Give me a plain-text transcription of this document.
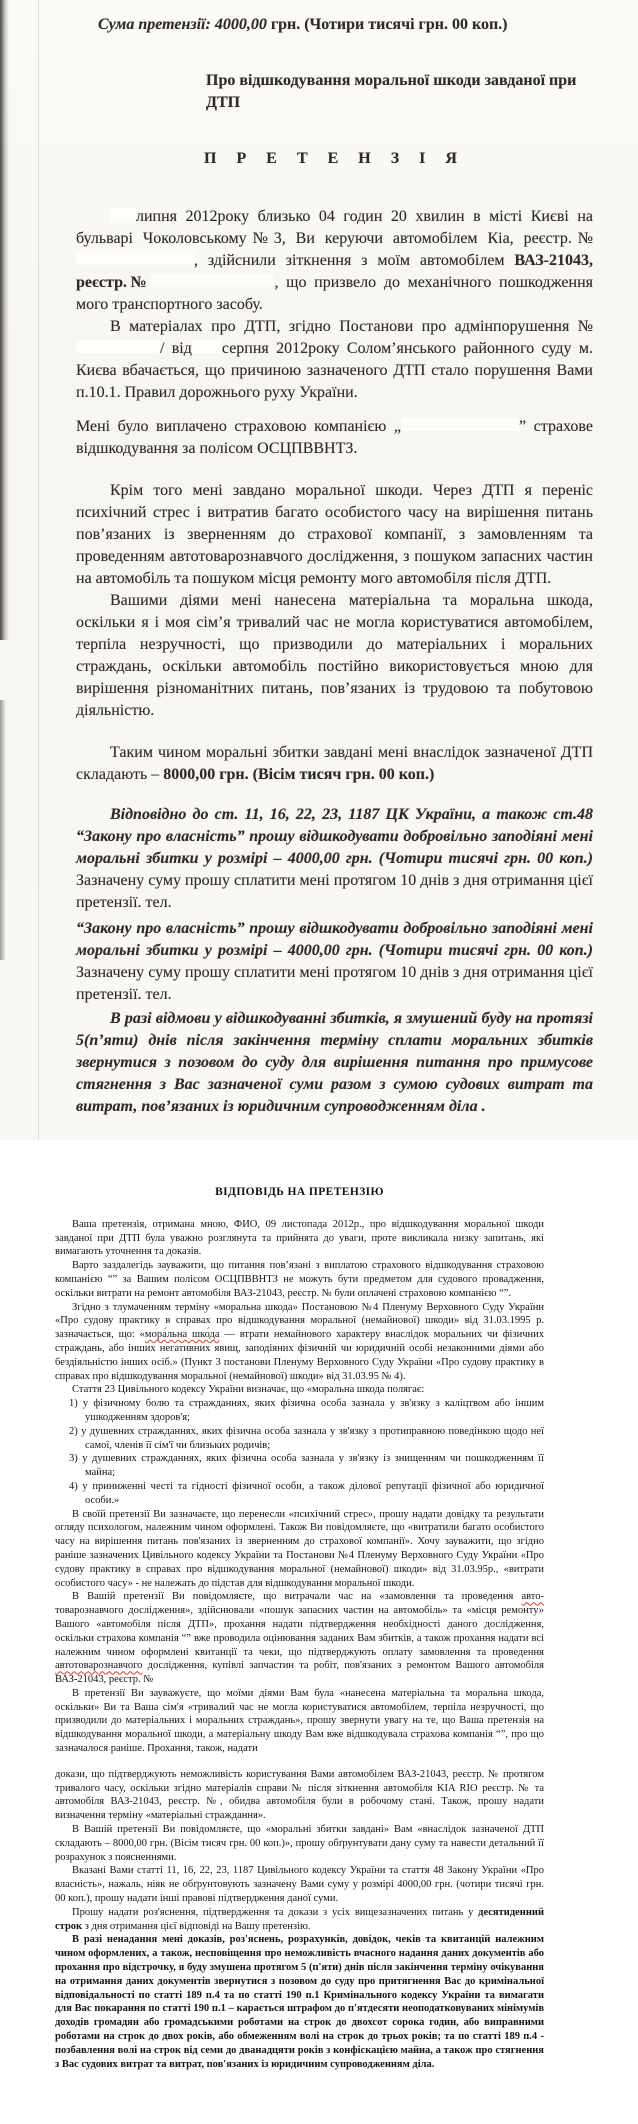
Сума претензії: 4000,00 грн. (Чотири тисячі грн. 00 коп.)

Про відшкодування моральної шкоди завданої при ДТП

П Р Е Т Е Н З І Я

липня 2012року близько 04 годин 20 хвилин в місті Києві на бульварі Чоколовському№3, Ви керуючи автомобілем Кіа, реєстр.№, здійснили зіткнення з моїм автомобілем ВАЗ-21043, реєстр.№	, що призвело до механічного пошкодження мого транспортного засобу.

В матеріалах про ДТП, згідно Постанови про адмінпорушення №/ від серпня 2012року Солом’янського районного суду м. Києва вбачається, що причиною зазначеного ДТП стало порушення Вами п.10.1. Правил дорожнього руху України.

Мені було виплачено страховою компанією „	” страхове відшкодування за полісом ОСЦПВВНТЗ.

Крім того мені завдано моральної шкоди. Через ДТП я переніс психічний стрес і витратив багато особистого часу на вирішення питань пов’язаних із зверненням до страхової компанії, з замовленням та проведенням автотоварознавчого дослідження, з пошуком запасних частин на автомобіль та пошуком місця ремонту мого автомобіля після ДТП.

Вашими діями мені нанесена матеріальна та моральна шкода, оскільки я і моя сім’я тривалий час не могла користуватися автомобілем, терпіла незручності, що призводили до матеріальних і моральних страждань, оскільки автомобіль постійно використовується мною для вирішення різноманітних питань, пов’язаних із трудовою та побутовою діяльністю.

Таким чином моральні збитки завдані мені внаслідок зазначеної ДТП складають – 8000,00 грн. (Вісім тисяч грн. 00 коп.)

Відповідно до ст. 11, 16, 22, 23, 1187 ЦК України, а також ст.48 “Закону про власність” прошу відшкодувати добровільно заподіяні мені моральні збитки у розмірі – 4000,00 грн. (Чотири тисячі грн. 00 коп.) Зазначену суму прошу сплатити мені протягом 10 днів з дня отримання цієї претензії. тел.

“Закону про власність” прошу відшкодувати добровільно заподіяні мені моральні збитки у розмірі – 4000,00 грн. (Чотири тисячі грн. 00 коп.) Зазначену суму прошу сплатити мені протягом 10 днів з дня отримання цієї претензії. тел.

В разі відмови у відшкодуванні збитків, я змушений буду на протязі 5(п’яти) днів після закінчення терміну сплати моральних збитків звернутися з позовом до суду для вирішення питання про примусове стягнення з Вас зазначеної суми разом з сумою судових витрат та витрат, пов’язаних із юридичним супроводженням діла .

ВІДПОВІДЬ НА ПРЕТЕНЗІЮ

Ваша претензія, отримана мною, ФИО, 09 листопада 2012р., про відшкодування моральної шкоди завданої при ДТП була уважно розглянута та прийнята до уваги, проте викликала низку запитань, які вимагають уточнення та доказів.

Варто заздалегідь зауважити, що питання пов’язані з виплатою страхового відшкодування страховою компанією “” за Вашим полісом ОСЦПВВНТЗ не можуть бути предметом для судового провадження, оскільки витрати на ремонт автомобіля ВАЗ-21043, реєстр. № були оплачені страховою компанією “”.

Згідно з тлумаченням терміну «моральна шкода» Постановою №4 Пленуму Верховного Суду України «Про судову практику в справах про відшкодування моральної (немайнової) шкоди» від 31.03.1995 р. зазначається, що: «мора́льна шко́да — втрати немайнового характеру внаслідок моральних чи фізичних страждань, або інших негативних явищ, заподіяних фізичній чи юридичній особі незаконними діями або бездіяльністю інших осіб.» (Пункт 3 постанови Пленуму Верховного Суду України «Про судову практику в справах про відшкодування моральної (немайнової) шкоди» від 31.03.95 № 4).

Стаття 23 Цивільного кодексу України визначає, що «моральна шкода полягає:

1) у фізичному болю та стражданнях, яких фізична особа зазнала у зв'язку з каліцтвом або іншим ушкодженням здоров'я;

2) у душевних стражданнях, яких фізична особа зазнала у зв'язку з протиправною поведінкою щодо неї самої, членів її сім'ї чи близьких родичів;

3) у душевних стражданнях, яких фізична особа зазнала у зв'язку із знищенням чи пошкодженням її майна;

4) у приниженні честі та гідності фізичної особи, а також ділової репутації фізичної або юридичної особи.»

В своїй претензії Ви зазначаєте, що перенесли «психічний стрес», прошу надати довідку та результати огляду психологом, належним чином оформлені. Також Ви повідомляєте, що «витратили багато особистого часу на вирішення питань пов'язаних із зверненням до страхової компанії». Хочу зауважити, що згідно раніше зазначених Цивільного кодексу України та Постанови №4 Пленуму Верховного Суду України «Про судову практику в справах про відшкодування моральної (немайнової) шкоди» від 31.03.95р., «витрати особистого часу» - не належать до підстав для відшкодування моральної шкоди.

В Вашій претензії Ви повідомляєте, що витрачали час на «замовлення та проведення авто-товарознавчого дослідження», здійснювали «пошук запасних частин на автомобіль» та «місця ремонту» Вашого «автомобіля після ДТП», прохання надати підтвердження необхідності даного дослідження, оскільки страхова компанія “” вже проводила оцінювання заданих Вам збитків, а також прохання надати всі належним чином оформлені квитанції та чеки, що підтверджують оплату замовлення та проведення автотоварознавчого дослідження, купівлі запчастин та робіт, пов'язаних з ремонтом Вашого автомобіля ВАЗ-21043, реєстр. №

В претензії Ви зауважуєте, що моїми діями Вам була «нанесена матеріальна та моральна шкода, оскільки» Ви та Ваша сім'я «тривалий час не могла користуватися автомобілем, терпіла незручності, що призводили до матеріальних і моральних страждань», прошу звернути увагу на те, що Ваша претензія на відшкодування моральної шкоди, а матеріальну шкоду Вам вже відшкодувала страхова компанія “”, про що зазначалося раніше. Прохання, також, надати

докази, що підтверджують неможливість користування Вами автомобілем ВАЗ-21043, реєстр. № протягом тривалого часу, оскільки згідно матеріалів справи № після зіткнення автомобіля KIA RIO реєстр. № та автомобіля ВАЗ-21043, реєстр. №, обидва автомобіля були в робочому стані. Також, прошу надати визначення терміну «матеріальні страждання».

В Вашій претензії Ви повідомляєте, що «моральні збитки завдані» Вам «внаслідок зазначеної ДТП складають – 8000,00 грн. (Вісім тисяч грн. 00 коп.)», прошу обґрунтувати дану суму та навести детальний її розрахунок з поясненнями.

Вказані Вами статті 11, 16, 22, 23, 1187 Цивільного кодексу України та стаття 48 Закону України «Про власність», нажаль, ніяк не обґрунтовують зазначену Вами суму у розмірі 4000,00 грн. (чотири тисячі грн. 00 коп.), прошу надати інші правові підтвердження даної суми.

Прошу надати роз'яснення, підтвердження та докази з усіх вищезазначених питань у десятиденний строк з дня отримання цієї відповіді на Вашу претензію.

В разі ненадання мені доказів, роз'яснень, розрахунків, довідок, чеків та квитанцій належним чином оформлених, а також, несповіщення про неможливість вчасного надання даних документів або прохання про відстрочку, я буду змушена протягом 5 (п'яти) днів після закінчення терміну очікування на отримання даних документів звернутися з позовом до суду про притягнення Вас до кримінальної відповідальності по статті 189 п.4 та по статті 190 п.1 Кримінального кодексу України та вимагати для Вас покарання по статті 190 п.1 – карається штрафом до п'ятдесяти неоподатковуваних мінімумів доходів громадян або громадськими роботами на строк до двохсот сорока годин, або виправними роботами на строк до двох років, або обмеженням волі на строк до трьох років; та по статті 189 п.4 - позбавлення волі на строк від семи до дванадцяти років з конфіскацією майна, а також про стягнення з Вас судових витрат та витрат, пов'язаних із юридичним супроводженням діла.
